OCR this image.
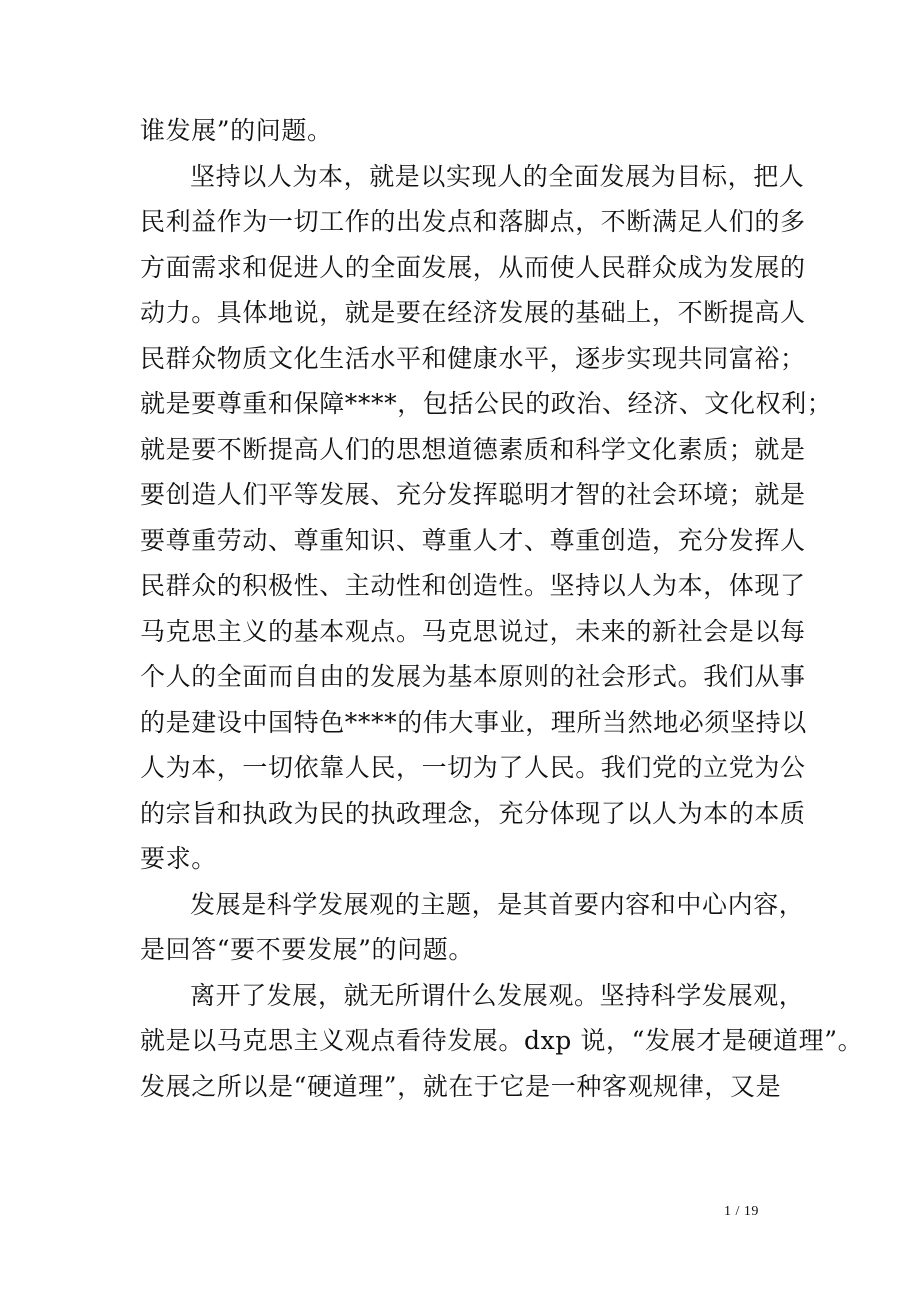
谁发展”的问题。

坚持以人为本，就是以实现人的全面发展为目标，把人
民利益作为一切工作的出发点和落脚点，不断满足人们的多
方面需求和促进人的全面发展，从而使人民群众成为发展的
动力。具体地说，就是要在经济发展的基础上，不断提高人
民群众物质文化生活水平和健康水平，逐步实现共同富裕；
就是要尊重和保障****，包括公民的政治、经济、文化权利；
就是要不断提高人们的思想道德素质和科学文化素质；就是
要创造人们平等发展、充分发挥聪明才智的社会环境；就是
要尊重劳动、尊重知识、尊重人才、尊重创造，充分发挥人
民群众的积极性、主动性和创造性。坚持以人为本，体现了
马克思主义的基本观点。马克思说过，未来的新社会是以每
个人的全面而自由的发展为基本原则的社会形式。我们从事
的是建设中国特色****的伟大事业，理所当然地必须坚持以
人为本，一切依靠人民，一切为了人民。我们党的立党为公
的宗旨和执政为民的执政理念，充分体现了以人为本的本质
要求。

发展是科学发展观的主题，是其首要内容和中心内容，
是回答“要不要发展”的问题。

离开了发展，就无所谓什么发展观。坚持科学发展观，
就是以马克思主义观点看待发展。dxp 说，“发展才是硬道理”。
发展之所以是“硬道理”，就在于它是一种客观规律，又是

1 / 19
